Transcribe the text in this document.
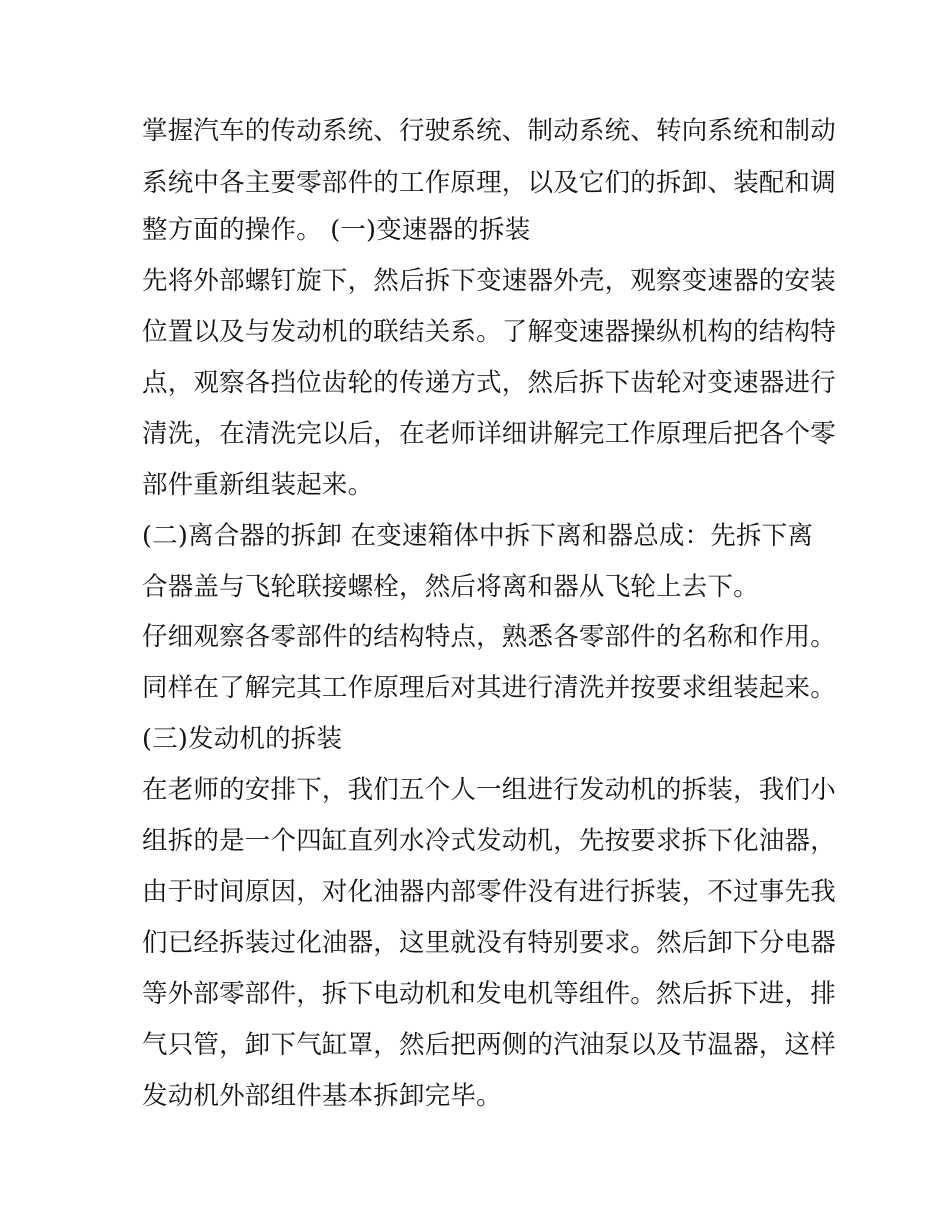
掌握汽车的传动系统、行驶系统、制动系统、转向系统和制动
系统中各主要零部件的工作原理，以及它们的拆卸、装配和调
整方面的操作。 (一)变速器的拆装
先将外部螺钉旋下，然后拆下变速器外壳，观察变速器的安装
位置以及与发动机的联结关系。了解变速器操纵机构的结构特
点，观察各挡位齿轮的传递方式，然后拆下齿轮对变速器进行
清洗，在清洗完以后，在老师详细讲解完工作原理后把各个零
部件重新组装起来。
(二)离合器的拆卸 在变速箱体中拆下离和器总成：先拆下离
合器盖与飞轮联接螺栓，然后将离和器从飞轮上去下。
仔细观察各零部件的结构特点，熟悉各零部件的名称和作用。
同样在了解完其工作原理后对其进行清洗并按要求组装起来。
(三)发动机的拆装
在老师的安排下，我们五个人一组进行发动机的拆装，我们小
组拆的是一个四缸直列水冷式发动机，先按要求拆下化油器，
由于时间原因，对化油器内部零件没有进行拆装，不过事先我
们已经拆装过化油器，这里就没有特别要求。然后卸下分电器
等外部零部件，拆下电动机和发电机等组件。然后拆下进，排
气只管，卸下气缸罩，然后把两侧的汽油泵以及节温器，这样
发动机外部组件基本拆卸完毕。
